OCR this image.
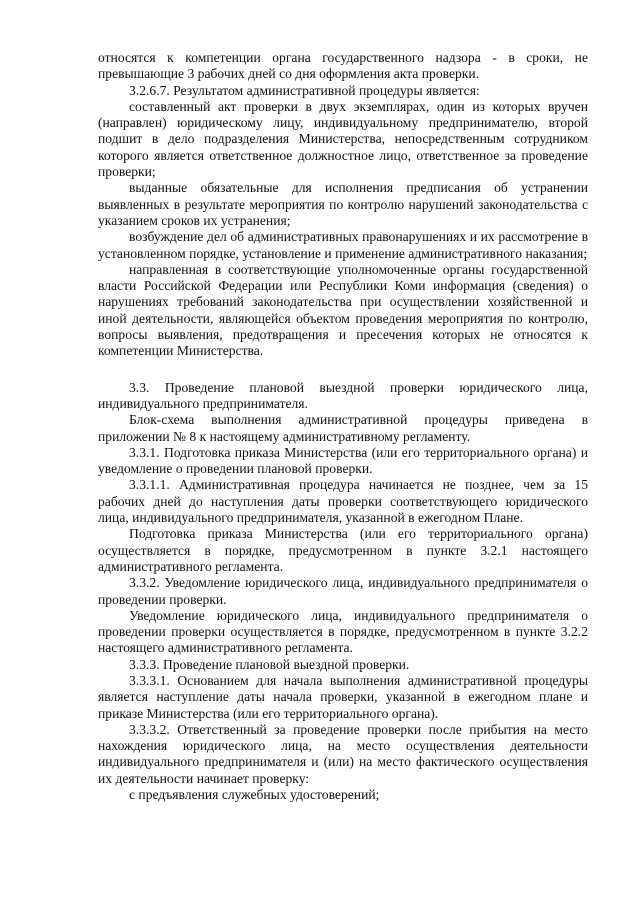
относятся к компетенции органа государственного надзора - в сроки, не превышающие 3 рабочих дней со дня оформления акта проверки.

3.2.6.7. Результатом административной процедуры является:

составленный акт проверки в двух экземплярах, один из которых вручен (направлен) юридическому лицу, индивидуальному предпринимателю, второй подшит в дело подразделения Министерства, непосредственным сотрудником которого является ответственное должностное лицо, ответственное за проведение проверки;

выданные обязательные для исполнения предписания об устранении выявленных в результате мероприятия по контролю нарушений законодательства с указанием сроков их устранения;

возбуждение дел об административных правонарушениях и их рассмотрение в установленном порядке, установление и применение административного наказания;

направленная в соответствующие уполномоченные органы государственной власти Российской Федерации или Республики Коми информация (сведения) о нарушениях требований законодательства при осуществлении хозяйственной и иной деятельности, являющейся объектом проведения мероприятия по контролю, вопросы выявления, предотвращения и пресечения которых не относятся к компетенции Министерства.

3.3. Проведение плановой выездной проверки юридического лица, индивидуального предпринимателя.

Блок-схема выполнения административной процедуры приведена в приложении № 8 к настоящему административному регламенту.

3.3.1. Подготовка приказа Министерства (или его территориального органа) и уведомление о проведении плановой проверки.

3.3.1.1. Административная процедура начинается не позднее, чем за 15 рабочих дней до наступления даты проверки соответствующего юридического лица, индивидуального предпринимателя, указанной в ежегодном Плане.

Подготовка приказа Министерства (или его территориального органа) осуществляется в порядке, предусмотренном в пункте 3.2.1 настоящего административного регламента.

3.3.2. Уведомление юридического лица, индивидуального предпринимателя о проведении проверки.

Уведомление юридического лица, индивидуального предпринимателя о проведении проверки осуществляется в порядке, предусмотренном в пункте 3.2.2 настоящего административного регламента.

3.3.3. Проведение плановой выездной проверки.

3.3.3.1. Основанием для начала выполнения административной процедуры является наступление даты начала проверки, указанной в ежегодном плане и приказе Министерства (или его территориального органа).

3.3.3.2. Ответственный за проведение проверки после прибытия на место нахождения юридического лица, на место осуществления деятельности индивидуального предпринимателя и (или) на место фактического осуществления их деятельности начинает проверку:

с предъявления служебных удостоверений;
